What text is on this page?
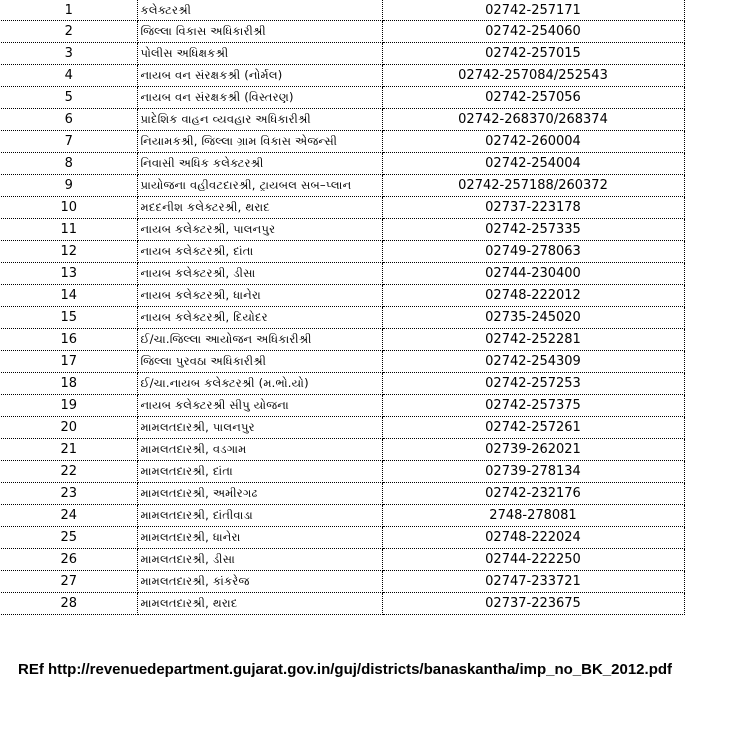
1	કલેક્ટરશ્રી	02742-257171
2	જિલ્લા વિકાસ અધિકારીશ્રી	02742-254060
3	પોલીસ અધિક્ષકશ્રી	02742-257015
4	નાયબ વન સંરક્ષકશ્રી (નોર્મલ)	02742-257084/252543
5	નાયબ વન સંરક્ષકશ્રી (વિસ્તરણ)	02742-257056
6	પ્રાદેશિક વાહન વ્યવહાર અધિકારીશ્રી	02742-268370/268374
7	નિયામકશ્રી, જિલ્લા ગ્રામ વિકાસ એજન્સી	02742-260004
8	નિવાસી અધિક કલેક્ટરશ્રી	02742-254004
9	પ્રાયોજના વહીવટદારશ્રી, ટ્રાયબલ સબ–પ્લાન	02742-257188/260372
10	મદદનીશ કલેક્ટરશ્રી, થરાદ	02737-223178
11	નાયબ કલેક્ટરશ્રી, પાલનપુર	02742-257335
12	નાયબ કલેક્ટરશ્રી, દાંતા	02749-278063
13	નાયબ કલેક્ટરશ્રી, ડીસા	02744-230400
14	નાયબ કલેક્ટરશ્રી, ધાનેરા	02748-222012
15	નાયબ કલેક્ટરશ્રી, દિયોદર	02735-245020
16	ઈ/ચા.જિલ્લા આયોજન અધિકારીશ્રી	02742-252281
17	જિલ્લા પુરવઠા અધિકારીશ્રી	02742-254309
18	ઈ/ચા.નાયબ કલેક્ટરશ્રી (મ.ભો.યો)	02742-257253
19	નાયબ કલેક્ટરશ્રી સીપુ યોજના	02742-257375
20	મામલતદારશ્રી, પાલનપુર	02742-257261
21	મામલતદારશ્રી, વડગામ	02739-262021
22	મામલતદારશ્રી, દાંતા	02739-278134
23	મામલતદારશ્રી, અમીરગઢ	02742-232176
24	મામલતદારશ્રી, દાંતીવાડા	2748-278081
25	મામલતદારશ્રી, ધાનેરા	02748-222024
26	મામલતદારશ્રી, ડીસા	02744-222250
27	મામલતદારશ્રી, કાંકરેજ	02747-233721
28	મામલતદારશ્રી, થરાદ	02737-223675
REf http://revenuedepartment.gujarat.gov.in/guj/districts/banaskantha/imp_no_BK_2012.pdf
